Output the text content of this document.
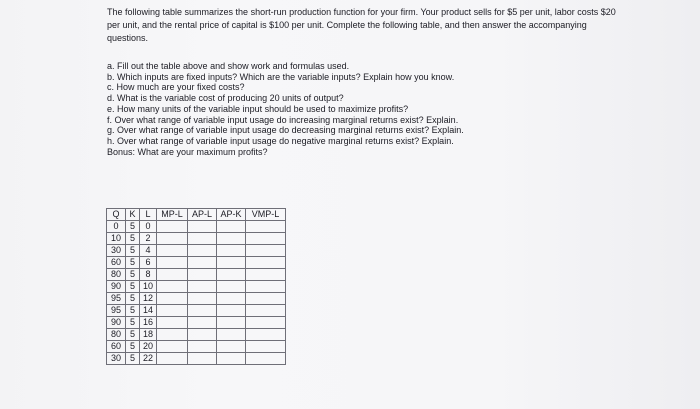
The following table summarizes the short-run production function for your firm. Your product sells for $5 per unit, labor costs $20 per unit, and the rental price of capital is $100 per unit. Complete the following table, and then answer the accompanying questions.

a. Fill out the table above and show work and formulas used.
b. Which inputs are fixed inputs? Which are the variable inputs? Explain how you know.
c. How much are your fixed costs?
d. What is the variable cost of producing 20 units of output?
e. How many units of the variable input should be used to maximize profits?
f. Over what range of variable input usage do increasing marginal returns exist? Explain.
g. Over what range of variable input usage do decreasing marginal returns exist? Explain.
h. Over what range of variable input usage do negative marginal returns exist? Explain.
Bonus: What are your maximum profits?
Q	K	L	MP-L	AP-L	AP-K	VMP-L
0	5	0				
10	5	2				
30	5	4				
60	5	6				
80	5	8				
90	5	10				
95	5	12				
95	5	14				
90	5	16				
80	5	18				
60	5	20				
30	5	22				
